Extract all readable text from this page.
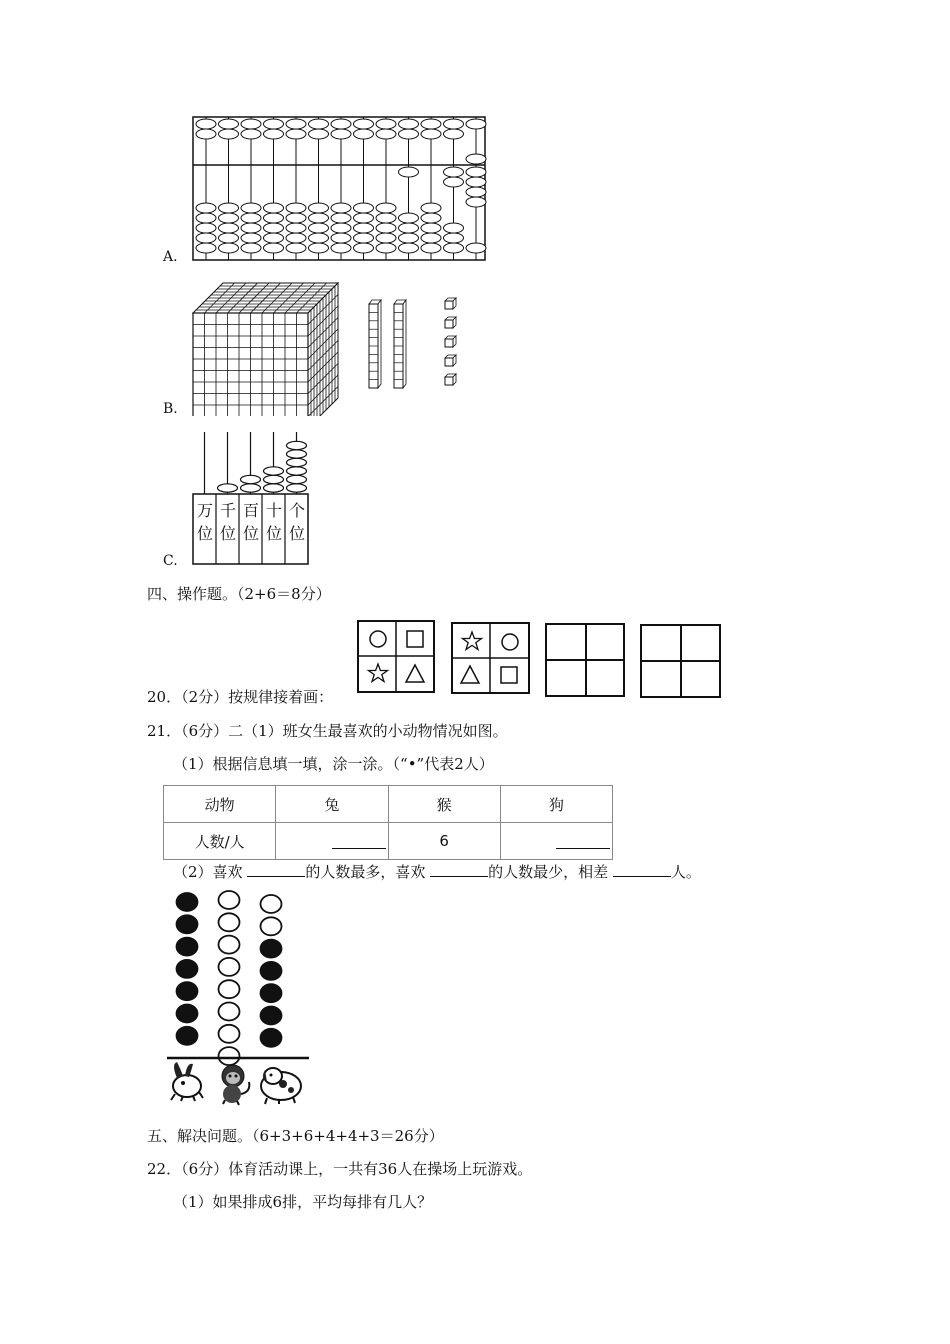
A.
B.
C.
万
位
千
位
百
位
十
位
个
位
四、操作题。（2+6＝8分）
20．（2分）按规律接着画：
21．（6分）二（1）班女生最喜欢的小动物情况如图。
（1）根据信息填一填，涂一涂。（“•”代表2人）
动物	兔	猴	狗
人数/人		6	
（2）喜欢	的人数最多，喜欢	的人数最少，相差	人。
五、解决问题。（6+3+6+4+4+3＝26分）
22．（6分）体育活动课上，一共有36人在操场上玩游戏。
（1）如果排成6排，平均每排有几人？
